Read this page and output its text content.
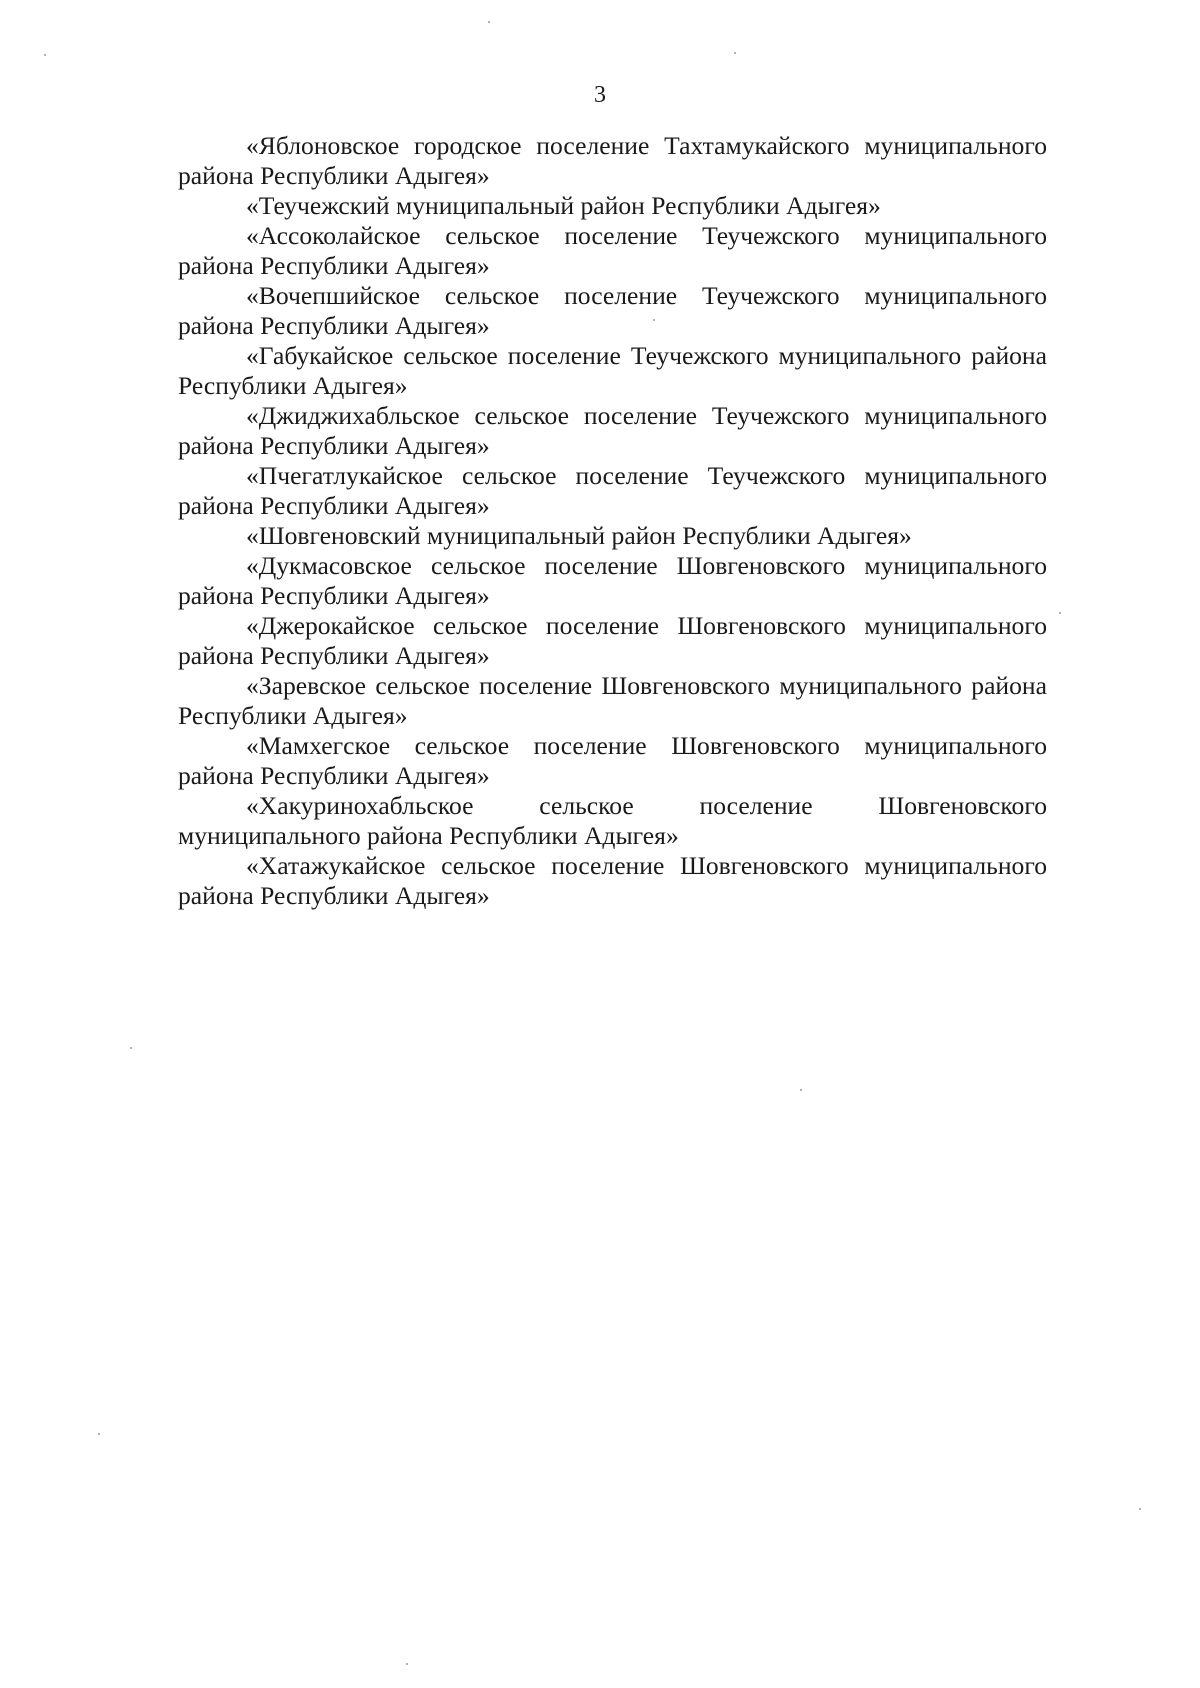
3
«Яблоновское городское поселение Тахтамукайского муниципального района Республики Адыгея»
«Теучежский муниципальный район Республики Адыгея»
«Ассоколайское сельское поселение Теучежского муниципального района Республики Адыгея»
«Вочепшийское сельское поселение Теучежского муниципального района Республики Адыгея»
«Габукайское сельское поселение Теучежского муниципального района Республики Адыгея»
«Джиджихабльское сельское поселение Теучежского муниципального района Республики Адыгея»
«Пчегатлукайское сельское поселение Теучежского муниципального района Республики Адыгея»
«Шовгеновский муниципальный район Республики Адыгея»
«Дукмасовское сельское поселение Шовгеновского муниципального района Республики Адыгея»
«Джерокайское сельское поселение Шовгеновского муниципального района Республики Адыгея»
«Заревское сельское поселение Шовгеновского муниципального района Республики Адыгея»
«Мамхегское сельское поселение Шовгеновского муниципального района Республики Адыгея»
«Хакуринохабльское сельское поселение Шовгеновского муниципального района Республики Адыгея»
«Хатажукайское сельское поселение Шовгеновского муниципального района Республики Адыгея»
